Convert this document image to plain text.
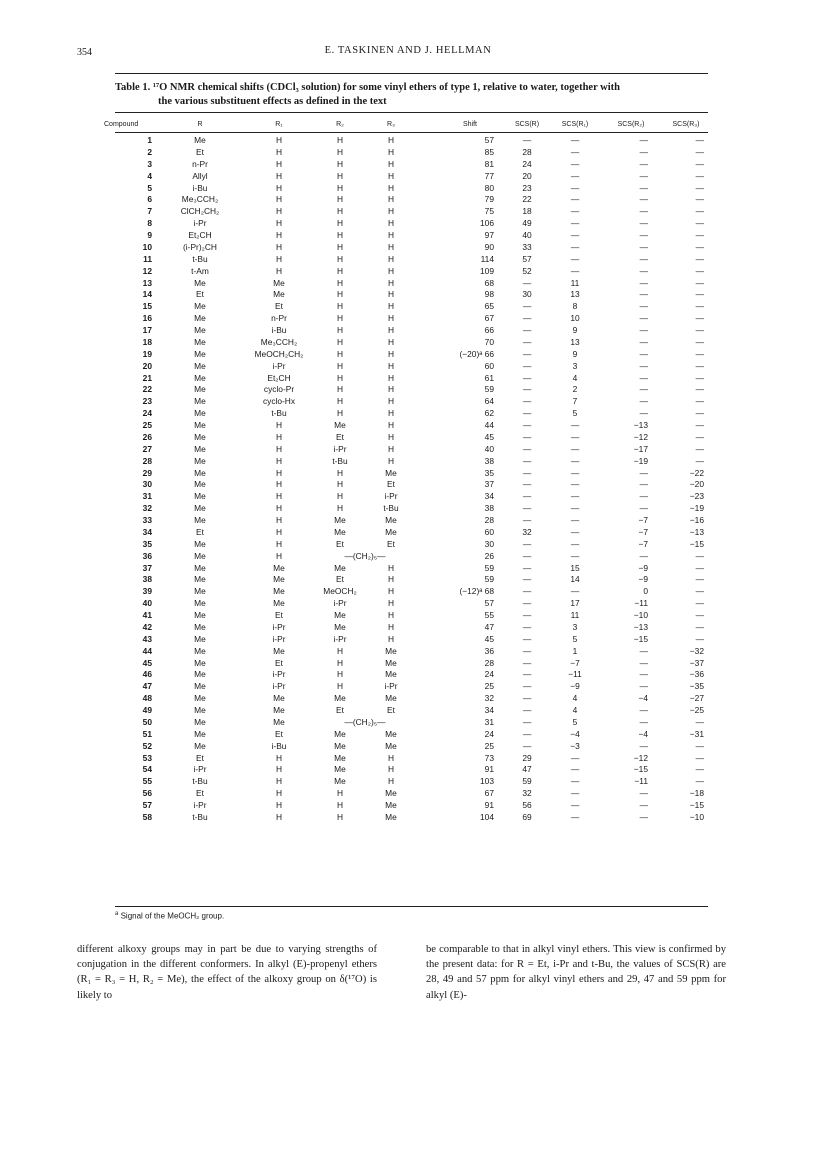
354	E. TASKINEN AND J. HELLMAN
Table 1. ¹⁷O NMR chemical shifts (CDCl₃ solution) for some vinyl ethers of type 1, relative to water, together with
the various substituent effects as defined in the text
Compound	R	R₁	R₂	R₃	Shift	SCS(R)	SCS(R₁)	SCS(R₂)	SCS(R₃)
1	Me	H	H	H	57	—	—	—	—
2	Et	H	H	H	85	28	—	—	—
3	n-Pr	H	H	H	81	24	—	—	—
4	Allyl	H	H	H	77	20	—	—	—
5	i-Bu	H	H	H	80	23	—	—	—
6	Me₃CCH₂	H	H	H	79	22	—	—	—
7	ClCH₂CH₂	H	H	H	75	18	—	—	—
8	i-Pr	H	H	H	106	49	—	—	—
9	Et₂CH	H	H	H	97	40	—	—	—
10	(i-Pr)₂CH	H	H	H	90	33	—	—	—
11	t-Bu	H	H	H	114	57	—	—	—
12	t-Am	H	H	H	109	52	—	—	—
13	Me	Me	H	H	68	—	11	—	—
14	Et	Me	H	H	98	30	13	—	—
15	Me	Et	H	H	65	—	8	—	—
16	Me	n-Pr	H	H	67	—	10	—	—
17	Me	i-Bu	H	H	66	—	9	—	—
18	Me	Me₃CCH₂	H	H	70	—	13	—	—
19	Me	MeOCH₂CH₂	H	H	(−20)ᵃ 66	—	9	—	—
20	Me	i-Pr	H	H	60	—	3	—	—
21	Me	Et₂CH	H	H	61	—	4	—	—
22	Me	cyclo-Pr	H	H	59	—	2	—	—
23	Me	cyclo-Hx	H	H	64	—	7	—	—
24	Me	t-Bu	H	H	62	—	5	—	—
25	Me	H	Me	H	44	—	—	−13	—
26	Me	H	Et	H	45	—	—	−12	—
27	Me	H	i-Pr	H	40	—	—	−17	—
28	Me	H	t-Bu	H	38	—	—	−19	—
29	Me	H	H	Me	35	—	—	—	−22
30	Me	H	H	Et	37	—	—	—	−20
31	Me	H	H	i-Pr	34	—	—	—	−23
32	Me	H	H	t-Bu	38	—	—	—	−19
33	Me	H	Me	Me	28	—	—	−7	−16
34	Et	H	Me	Me	60	32	—	−7	−13
35	Me	H	Et	Et	30	—	—	−7	−15
36	Me	H	—(CH₂)₅—	26	—	—	—	—
37	Me	Me	Me	H	59	—	15	−9	—
38	Me	Me	Et	H	59	—	14	−9	—
39	Me	Me	MeOCH₂	H	(−12)ᵃ 68	—	—	0	—
40	Me	Me	i-Pr	H	57	—	17	−11	—
41	Me	Et	Me	H	55	—	11	−10	—
42	Me	i-Pr	Me	H	47	—	3	−13	—
43	Me	i-Pr	i-Pr	H	45	—	5	−15	—
44	Me	Me	H	Me	36	—	1	—	−32
45	Me	Et	H	Me	28	—	−7	—	−37
46	Me	i-Pr	H	Me	24	—	−11	—	−36
47	Me	i-Pr	H	i-Pr	25	—	−9	—	−35
48	Me	Me	Me	Me	32	—	4	−4	−27
49	Me	Me	Et	Et	34	—	4	—	−25
50	Me	Me	—(CH₂)₅—	31	—	5	—	—
51	Me	Et	Me	Me	24	—	−4	−4	−31
52	Me	i-Bu	Me	Me	25	—	−3	—	—
53	Et	H	Me	H	73	29	—	−12	—
54	i-Pr	H	Me	H	91	47	—	−15	—
55	t-Bu	H	Me	H	103	59	—	−11	—
56	Et	H	H	Me	67	32	—	—	−18
57	i-Pr	H	H	Me	91	56	—	—	−15
58	t-Bu	H	H	Me	104	69	—	—	−10
$^a$ Signal of the MeOCH₂ group.

different alkoxy groups may in part be due to varying strengths of conjugation in the different conformers. In alkyl (E)-propenyl ethers (R₁ = R₃ = H, R₂ = Me), the effect of the alkoxy group on δ(¹⁷O) is likely to

be comparable to that in alkyl vinyl ethers. This view is confirmed by the present data: for R = Et, i-Pr and t-Bu, the values of SCS(R) are 28, 49 and 57 ppm for alkyl vinyl ethers and 29, 47 and 59 ppm for alkyl (E)-
